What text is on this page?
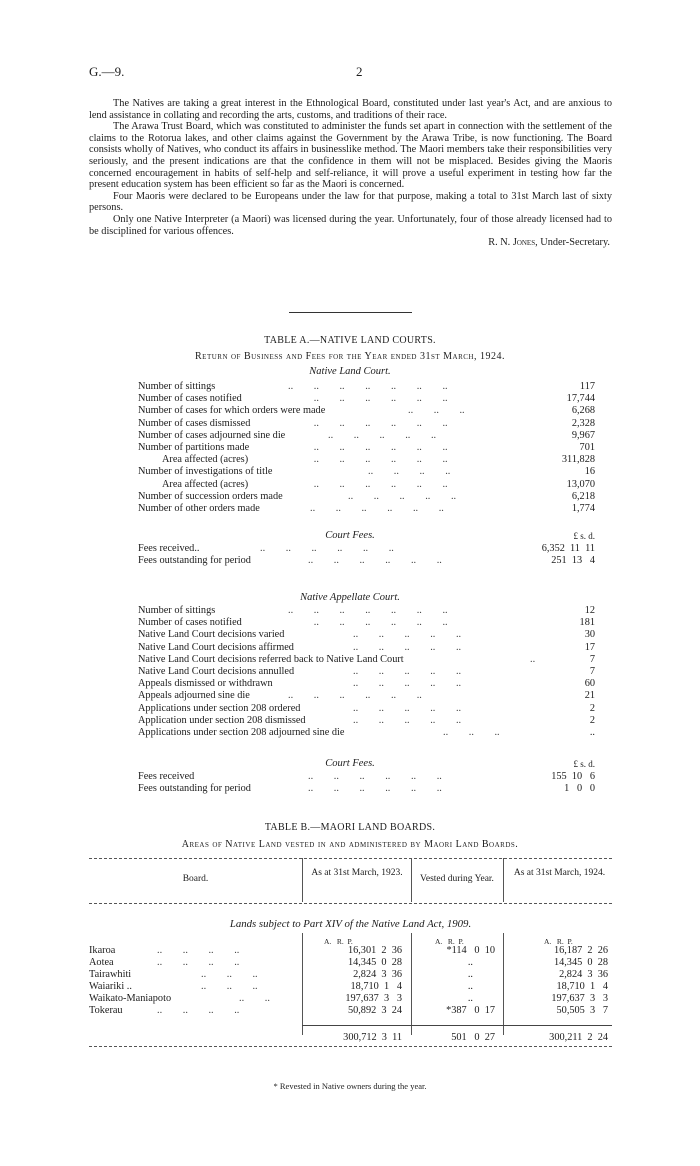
G.—9.	2

The Natives are taking a great interest in the Ethnological Board, constituted under last year's Act, and are anxious to lend assistance in collating and recording the arts, customs, and traditions of their race.

The Arawa Trust Board, which was constituted to administer the funds set apart in connection with the settlement of the claims to the Rotorua lakes, and other claims against the Government by the Arawa Tribe, is now functioning. The Board consists wholly of Natives, who conduct its affairs in businesslike method. The Maori members take their responsibilities very seriously, and the present indications are that the confidence in them will not be misplaced. Besides giving the Maoris concerned encouragement in habits of self-help and self-reliance, it will prove a useful experiment in testing how far the present education system has been efficient so far as the Maori is concerned.

Four Maoris were declared to be Europeans under the law for that purpose, making a total to 31st March last of sixty persons.

Only one Native Interpreter (a Maori) was licensed during the year. Unfortunately, four of those already licensed had to be disciplined for various offences.

R. N. Jones, Under-Secretary.
TABLE A.—NATIVE LAND COURTS.
Return of Business and Fees for the Year ended 31st March, 1924.
Native Land Court.
Number of sittings	..        ..        ..        ..        ..        ..        ..	117
Number of cases notified	..        ..        ..        ..        ..        ..	17,744
Number of cases for which orders were made	..        ..        ..	6,268
Number of cases dismissed	..        ..        ..        ..        ..        ..	2,328
Number of cases adjourned sine die	..        ..        ..        ..        ..	9,967
Number of partitions made	..        ..        ..        ..        ..        ..	701
Area affected (acres)	..        ..        ..        ..        ..        ..	311,828
Number of investigations of title	..        ..        ..        ..	16
Area affected (acres)	..        ..        ..        ..        ..        ..	13,070
Number of succession orders made	..        ..        ..        ..        ..	6,218
Number of other orders made	..        ..        ..        ..        ..        ..	1,774
Court Fees.	£ s. d.
Fees received..	..        ..        ..        ..        ..        ..	6,352  11  11
Fees outstanding for period	..        ..        ..        ..        ..        ..	251  13   4
Native Appellate Court.
Number of sittings	..        ..        ..        ..        ..        ..        ..	12
Number of cases notified	..        ..        ..        ..        ..        ..	181
Native Land Court decisions varied	..        ..        ..        ..        ..	30
Native Land Court decisions affirmed	..        ..        ..        ..        ..	17
Native Land Court decisions referred back to Native Land Court	..	7
Native Land Court decisions annulled	..        ..        ..        ..        ..	7
Appeals dismissed or withdrawn	..        ..        ..        ..        ..	60
Appeals adjourned sine die	..        ..        ..        ..        ..        ..	21
Applications under section 208 ordered	..        ..        ..        ..        ..	2
Application under section 208 dismissed	..        ..        ..        ..        ..	2
Applications under section 208 adjourned sine die	..        ..        ..	..
Court Fees.	£ s. d.
Fees received	..        ..        ..        ..        ..        ..	155  10   6
Fees outstanding for period	..        ..        ..        ..        ..        ..	1   0   0
TABLE B.—MAORI LAND BOARDS.
Areas of Native Land vested in and administered by Maori Land Boards.
Board.
As at 31st March, 1923.
Vested during Year.
As at 31st March, 1924.
Lands subject to Part XIV of the Native Land Act, 1909.
A.   R.  P.	A.   R.  P.	A.   R.  P.
Ikaroa	..        ..        ..        ..	16,301  2  36	*114   0  10	16,187  2  26
Aotea	..        ..        ..        ..	14,345  0  28	..	14,345  0  28
Tairawhiti	..        ..        ..	2,824  3  36	..	2,824  3  36
Waiariki ..	..        ..        ..	18,710  1   4	..	18,710  1   4
Waikato-Maniapoto	..        ..	197,637  3   3	..	197,637  3   3
Tokerau	..        ..        ..        ..	50,892  3  24	*387   0  17	50,505  3   7
300,712  3  11	501   0  27	300,211  2  24
* Revested in Native owners during the year.
